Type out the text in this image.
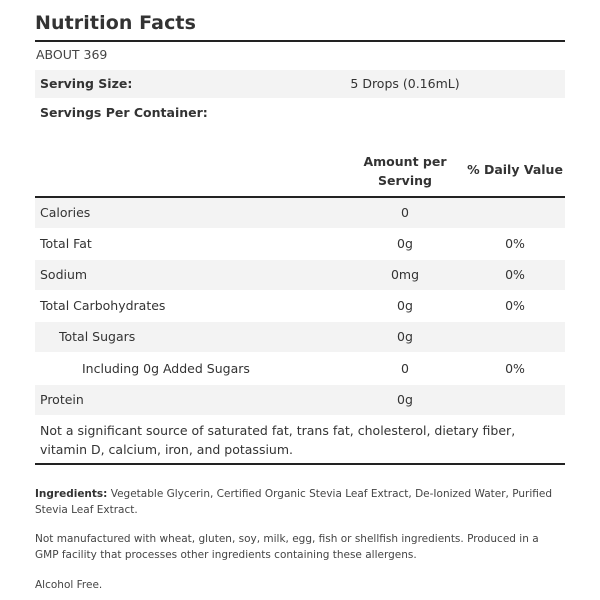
Nutrition Facts
ABOUT 369
Serving Size:	5 Drops (0.16mL)
Servings Per Container:
Amount per
Serving
% Daily Value
Calories	0
Total Fat	0g	0%
Sodium	0mg	0%
Total Carbohydrates	0g	0%
Total Sugars	0g
Including 0g Added Sugars	0	0%
Protein	0g
Not a significant source of saturated fat, trans fat, cholesterol, dietary fiber, vitamin D, calcium, iron, and potassium.
Ingredients: Vegetable Glycerin, Certified Organic Stevia Leaf Extract, De-Ionized Water, Purified Stevia Leaf Extract.
Not manufactured with wheat, gluten, soy, milk, egg, fish or shellfish ingredients. Produced in a GMP facility that processes other ingredients containing these allergens.
Alcohol Free.
